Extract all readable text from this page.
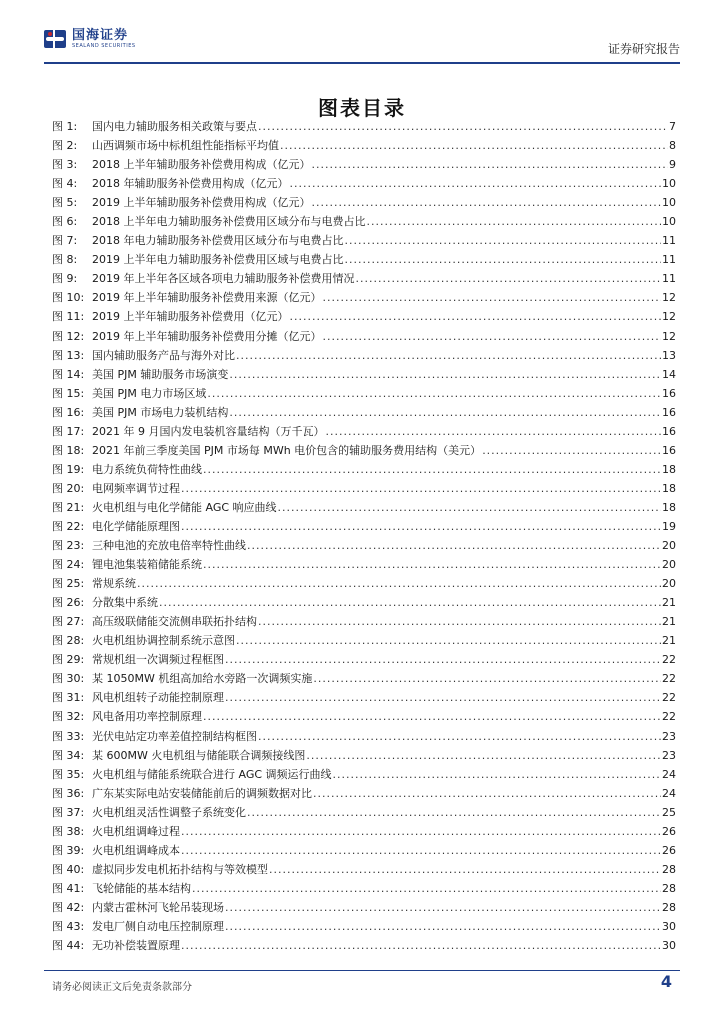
国海证券
SEALAND SECURITIES	证券研究报告
图表目录
图 1:	国内电力辅助服务相关政策与要点 .....	7
图 2:	山西调频市场中标机组性能指标平均值 .....	8
图 3:	2018 上半年辅助服务补偿费用构成（亿元） .....	9
图 4:	2018 年辅助服务补偿费用构成（亿元） .....	10
图 5:	2019 上半年辅助服务补偿费用构成（亿元） .....	10
图 6:	2018 上半年电力辅助服务补偿费用区域分布与电费占比 .....	10
图 7:	2018 年电力辅助服务补偿费用区域分布与电费占比 .....	11
图 8:	2019 上半年电力辅助服务补偿费用区域与电费占比 .....	11
图 9:	2019 年上半年各区域各项电力辅助服务补偿费用情况 .....	11
图 10: 2019 年上半年辅助服务补偿费用来源（亿元） .....	12
图 11: 2019 上半年辅助服务补偿费用（亿元） .....	12
图 12: 2019 年上半年辅助服务补偿费用分摊（亿元） .....	12
图 13: 国内辅助服务产品与海外对比 .....	13
图 14: 美国 PJM 辅助服务市场演变 .....	14
图 15: 美国 PJM 电力市场区域 .....	16
图 16: 美国 PJM 市场电力装机结构 .....	16
图 17: 2021 年 9 月国内发电装机容量结构（万千瓦） .....	16
图 18: 2021 年前三季度美国 PJM 市场每 MWh 电价包含的辅助服务费用结构（美元） .....	16
图 19: 电力系统负荷特性曲线 .....	18
图 20: 电网频率调节过程 .....	18
图 21: 火电机组与电化学储能 AGC 响应曲线 .....	18
图 22: 电化学储能原理图 .....	19
图 23: 三种电池的充放电倍率特性曲线 .....	20
图 24: 锂电池集装箱储能系统 .....	20
图 25: 常规系统 .....	20
图 26: 分散集中系统 .....	21
图 27: 高压级联储能交流侧串联拓扑结构 .....	21
图 28: 火电机组协调控制系统示意图 .....	21
图 29: 常规机组一次调频过程框图 .....	22
图 30: 某 1050MW 机组高加给水旁路一次调频实施 .....	22
图 31: 风电机组转子动能控制原理 .....	22
图 32: 风电备用功率控制原理 .....	22
图 33: 光伏电站定功率差值控制结构框图 .....	23
图 34: 某 600MW 火电机组与储能联合调频接线图 .....	23
图 35: 火电机组与储能系统联合进行 AGC 调频运行曲线 .....	24
图 36: 广东某实际电站安装储能前后的调频数据对比 .....	24
图 37: 火电机组灵活性调整子系统变化 .....	25
图 38: 火电机组调峰过程 .....	26
图 39: 火电机组调峰成本 .....	26
图 40: 虚拟同步发电机拓扑结构与等效模型 .....	28
图 41: 飞轮储能的基本结构 .....	28
图 42: 内蒙古霍林河飞轮吊装现场 .....	28
图 43: 发电厂侧自动电压控制原理 .....	30
图 44: 无功补偿装置原理 .....	30
请务必阅读正文后免责条款部分	4
